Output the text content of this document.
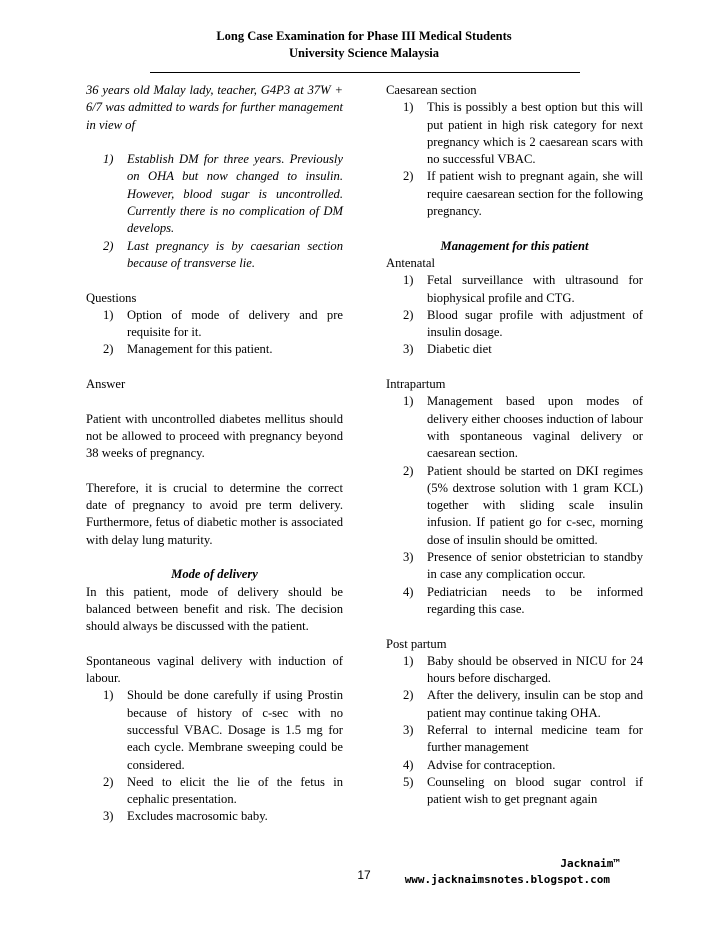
Long Case Examination for Phase III Medical Students
University Science Malaysia

36 years old Malay lady, teacher, G4P3 at 37W + 6/7 was admitted to wards for further management in view of

1) Establish DM for three years. Previously on OHA but now changed to insulin. However, blood sugar is uncontrolled. Currently there is no complication of DM develops.
2) Last pregnancy is by caesarian section because of transverse lie.

Questions

1) Option of mode of delivery and pre requisite for it.
2) Management for this patient.

Answer

Patient with uncontrolled diabetes mellitus should not be allowed to proceed with pregnancy beyond 38 weeks of pregnancy.

Therefore, it is crucial to determine the correct date of pregnancy to avoid pre term delivery. Furthermore, fetus of diabetic mother is associated with delay lung maturity.

Mode of delivery

In this patient, mode of delivery should be balanced between benefit and risk. The decision should always be discussed with the patient.

Spontaneous vaginal delivery with induction of labour.

1) Should be done carefully if using Prostin because of history of c-sec with no successful VBAC. Dosage is 1.5 mg for each cycle. Membrane sweeping could be considered.
2) Need to elicit the lie of the fetus in cephalic presentation.
3) Excludes macrosomic baby.

Caesarean section

1) This is possibly a best option but this will put patient in high risk category for next pregnancy which is 2 caesarean scars with no successful VBAC.
2) If patient wish to pregnant again, she will require caesarean section for the following pregnancy.

Management for this patient

Antenatal

1) Fetal surveillance with ultrasound for biophysical profile and CTG.
2) Blood sugar profile with adjustment of insulin dosage.
3) Diabetic diet

Intrapartum

1) Management based upon modes of delivery either chooses induction of labour with spontaneous vaginal delivery or caesarean section.
2) Patient should be started on DKI regimes (5% dextrose solution with 1 gram KCL) together with sliding scale insulin infusion. If patient go for c-sec, morning dose of insulin should be omitted.
3) Presence of senior obstetrician to standby in case any complication occur.
4) Pediatrician needs to be informed regarding this case.

Post partum

1) Baby should be observed in NICU for 24 hours before discharged.
2) After the delivery, insulin can be stop and patient may continue taking OHA.
3) Referral to internal medicine team for further management
4) Advise for contraception.
5) Counseling on blood sugar control if patient wish to get pregnant again
17
Jacknaim™
www.jacknaimsnotes.blogspot.com
